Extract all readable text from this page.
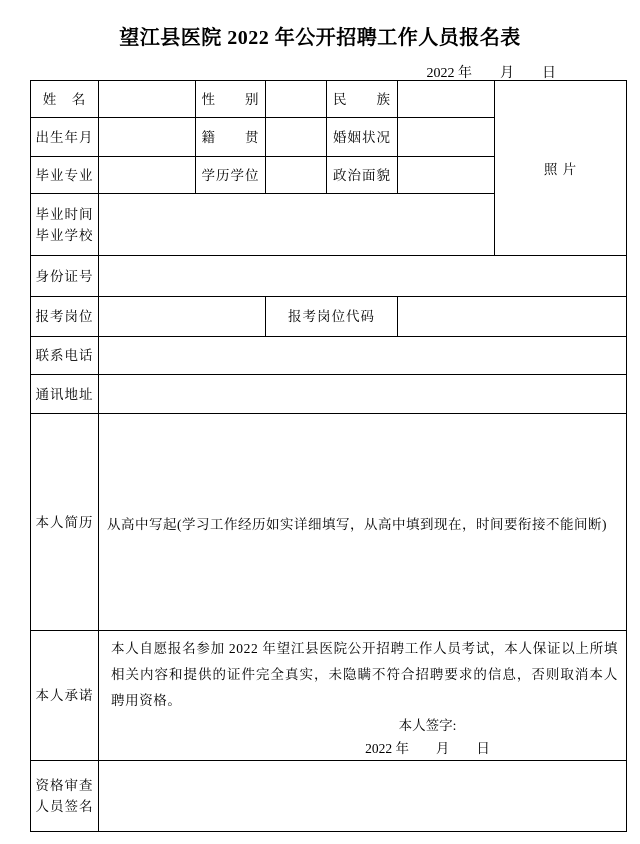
望江县医院 2022 年公开招聘工作人员报名表
2022 年　　月　　日
姓　名		性　　别		民　　族		照 片
出生年月		籍　　贯		婚姻状况		
毕业专业		学历学位		政治面貌		

毕业时间
毕业学校						

身份证号						
报考岗位			报考岗位代码			
联系电话						
通讯地址						
本人简历	从高中写起(学习工作经历如实详细填写，从高中填到现在，时间要衔接不能间断)					

本人承诺	本人自愿报名参加 2022 年望江县医院公开招聘工作人员考试，本人保证以上所填相关内容和提供的证件完全真实，未隐瞒不符合招聘要求的信息，否则取消本人聘用资格。

本人签字:
2022 年　　月　　日					

资格审查
人员签名						
